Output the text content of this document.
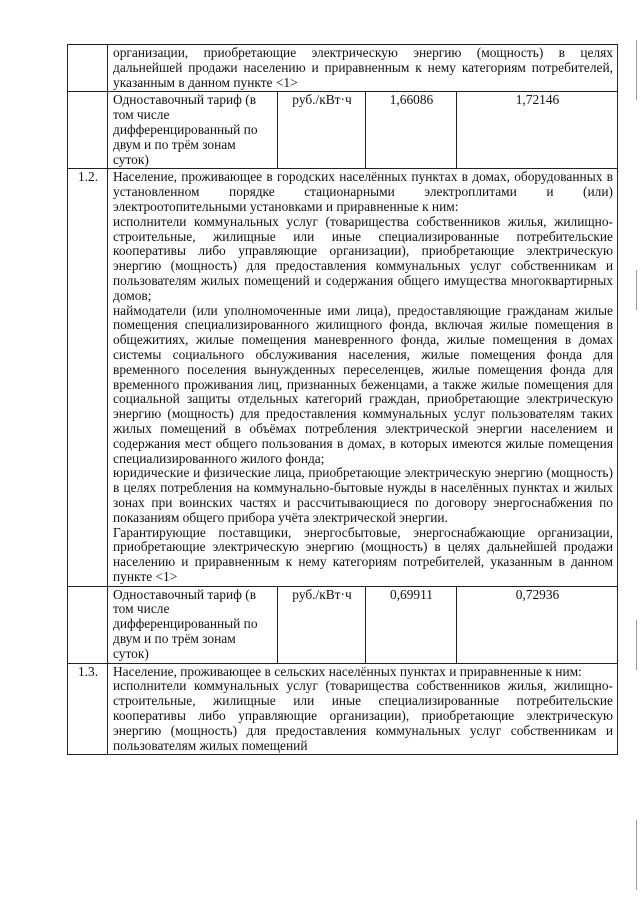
	организации, приобретающие электрическую энергию (мощность) в целях дальнейшей продажи населению и приравненным к нему категориям потребителей, указанным в данном пункте <1>			

	Одноставочный тариф (в том числе дифференцированный по двум и по трём зонам суток)	руб./кВт·ч	1,66086	1,72146
1.2.	Население, проживающее в городских населённых пунктах в домах, оборудованных в установленном порядке стационарными электроплитами и (или) электроотопительными установками и приравненные к ним:
исполнители коммунальных услуг (товарищества собственников жилья, жилищно-строительные, жилищные или иные специализированные потребительские кооперативы либо управляющие организации), приобретающие электрическую энергию (мощность) для предоставления коммунальных услуг собственникам и пользователям жилых помещений и содержания общего имущества многоквартирных домов;
наймодатели (или уполномоченные ими лица), предоставляющие гражданам жилые помещения специализированного жилищного фонда, включая жилые помещения в общежитиях, жилые помещения маневренного фонда, жилые помещения в домах системы социального обслуживания населения, жилые помещения фонда для временного поселения вынужденных переселенцев, жилые помещения фонда для временного проживания лиц, признанных беженцами, а также жилые помещения для социальной защиты отдельных категорий граждан, приобретающие электрическую энергию (мощность) для предоставления коммунальных услуг пользователям таких жилых помещений в объёмах потребления электрической энергии населением и содержания мест общего пользования в домах, в которых имеются жилые помещения специализированного жилого фонда;
юридические и физические лица, приобретающие электрическую энергию (мощность) в целях потребления на коммунально-бытовые нужды в населённых пунктах и жилых зонах при воинских частях и рассчитывающиеся по договору энергоснабжения по показаниям общего прибора учёта электрической энергии.
Гарантирующие поставщики, энергосбытовые, энергоснабжающие организации, приобретающие электрическую энергию (мощность) в целях дальнейшей продажи населению и приравненным к нему категориям потребителей, указанным в данном пункте <1>			

	Одноставочный тариф (в том числе дифференцированный по двум и по трём зонам суток)	руб./кВт·ч	0,69911	0,72936
1.3.	Население, проживающее в сельских населённых пунктах и приравненные к ним:
исполнители коммунальных услуг (товарищества собственников жилья, жилищно-строительные, жилищные или иные специализированные потребительские кооперативы либо управляющие организации), приобретающие электрическую энергию (мощность) для предоставления коммунальных услуг собственникам и пользователям жилых помещений			
